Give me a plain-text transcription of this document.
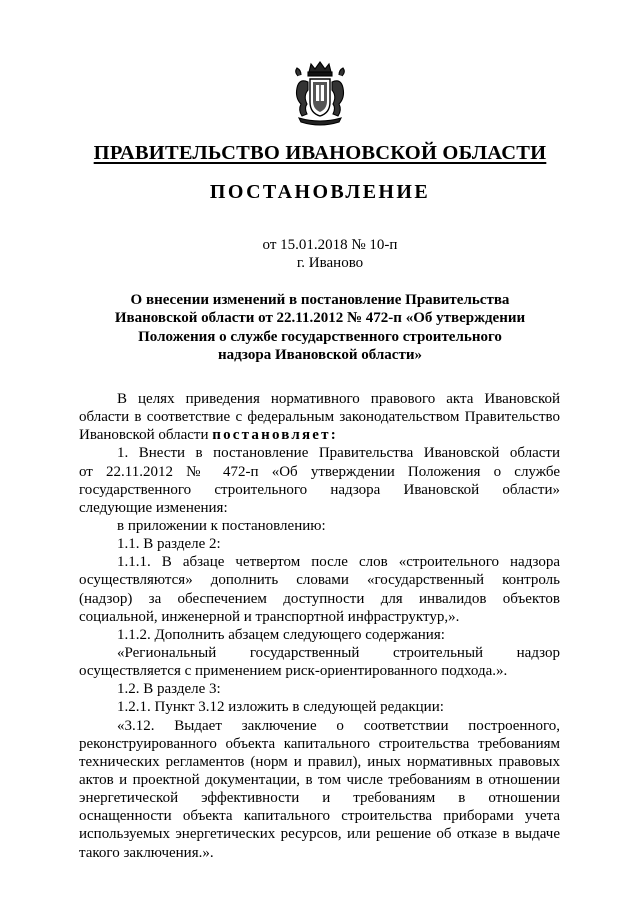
ПРАВИТЕЛЬСТВО ИВАНОВСКОЙ ОБЛАСТИ
ПОСТАНОВЛЕНИЕ
от 15.01.2018 № 10-п
г. Иваново
О внесении изменений в постановление Правительства
Ивановской области от 22.11.2012 № 472-п «Об утверждении
Положения о службе государственного строительного
надзора Ивановской области»
В целях приведения нормативного правового акта Ивановской
области в соответствие с федеральным законодательством Правительство
Ивановской области постановляет:
1. Внести в постановление Правительства Ивановской области
от 22.11.2012 № 472-п «Об утверждении Положения о службе
государственного строительного надзора Ивановской области»
следующие изменения:
в приложении к постановлению:
1.1. В разделе 2:
1.1.1. В абзаце четвертом после слов «строительного надзора
осуществляются» дополнить словами «государственный контроль
(надзор) за обеспечением доступности для инвалидов объектов
социальной, инженерной и транспортной инфраструктур,».
1.1.2. Дополнить абзацем следующего содержания:
«Региональный государственный строительный надзор
осуществляется с применением риск-ориентированного подхода.».
1.2. В разделе 3:
1.2.1. Пункт 3.12 изложить в следующей редакции:
«3.12. Выдает заключение о соответствии построенного,
реконструированного объекта капитального строительства требованиям
технических регламентов (норм и правил), иных нормативных правовых
актов и проектной документации, в том числе требованиям в отношении
энергетической эффективности и требованиям в отношении
оснащенности объекта капитального строительства приборами учета
используемых энергетических ресурсов, или решение об отказе в выдаче
такого заключения.».
